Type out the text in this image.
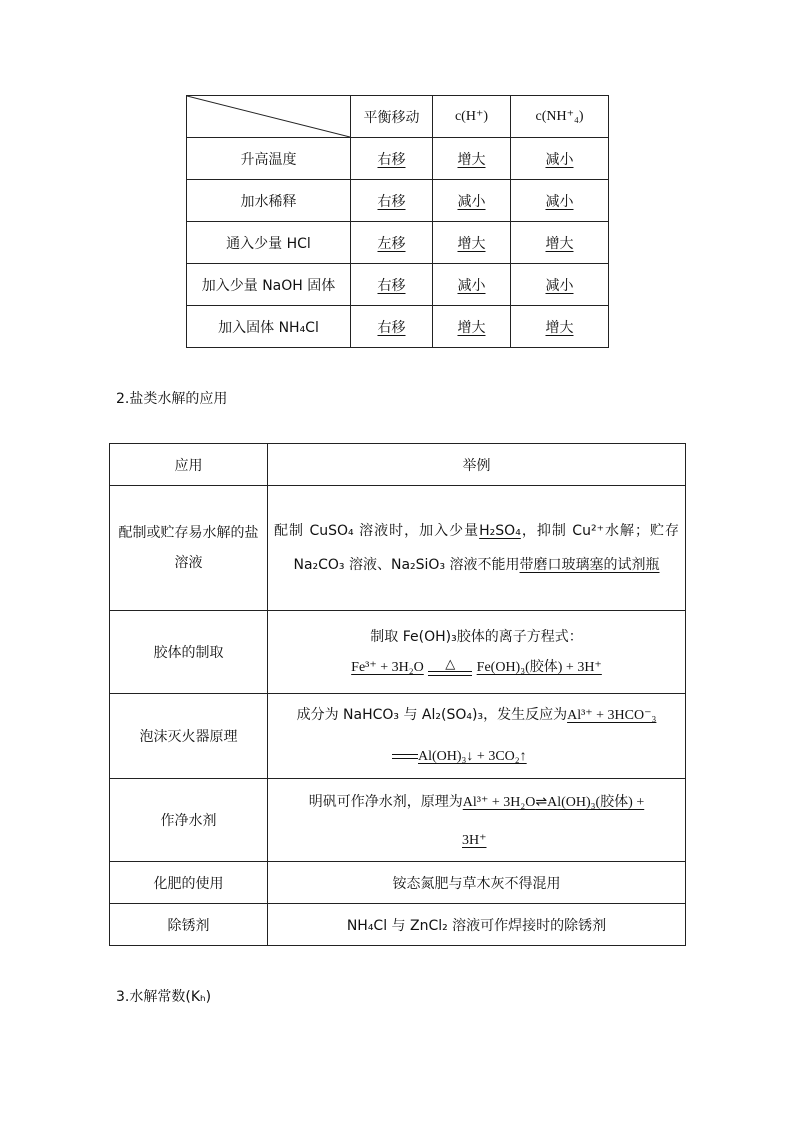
	平衡移动	c(H⁺)	c(NH⁺₄)
升高温度	右移	增大	减小
加水稀释	右移	减小	减小
通入少量 HCl	左移	增大	增大
加入少量 NaOH 固体	右移	减小	减小
加入固体 NH₄Cl	右移	增大	增大
2.盐类水解的应用
应用	举例
配制或贮存易水解的盐溶液	配制 CuSO₄ 溶液时，加入少量H₂SO₄，抑制 Cu²⁺水解；贮存 Na₂CO₃ 溶液、Na₂SiO₃ 溶液不能用带磨口玻璃塞的试剂瓶
胶体的制取	制取 Fe(OH)₃胶体的离子方程式：
Fe³⁺ + 3H₂O △ Fe(OH)₃(胶体) + 3H⁺

泡沫灭火器原理	成分为 NaHCO₃ 与 Al₂(SO₄)₃，发生反应为Al³⁺ + 3HCO⁻₃
Al(OH)₃↓ + 3CO₂↑

作净水剂	明矾可作净水剂，原理为Al³⁺ + 3H₂O⇌Al(OH)₃(胶体) +
3H⁺

化肥的使用	铵态氮肥与草木灰不得混用
除锈剂	NH₄Cl 与 ZnCl₂ 溶液可作焊接时的除锈剂
3.水解常数(Kₕ)
